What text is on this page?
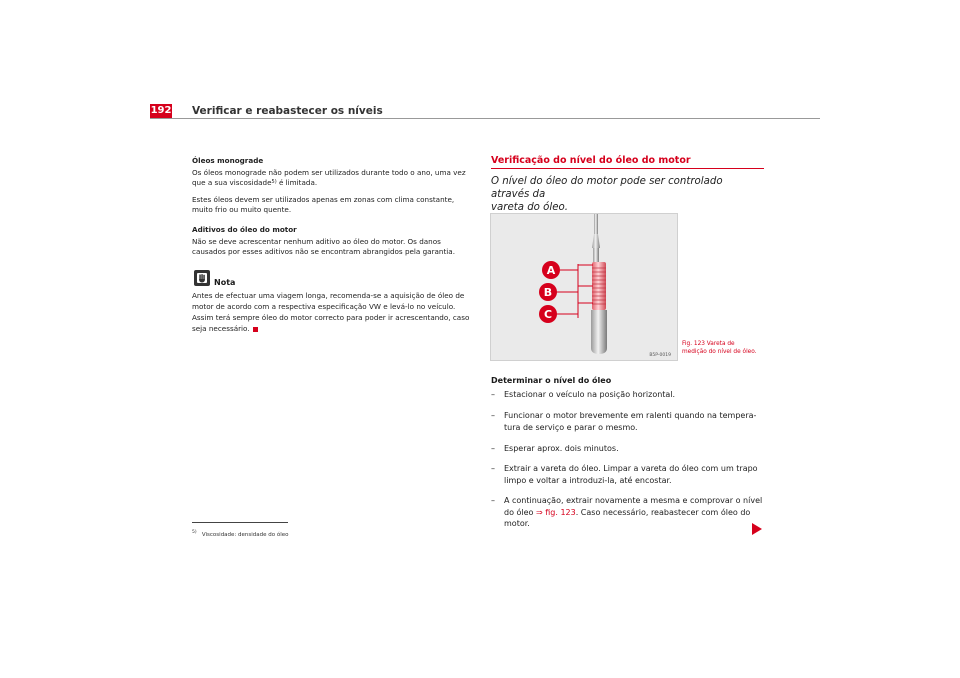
192 Verificar e reabastecer os níveis
Óleos monograde
Os óleos monograde não podem ser utilizados durante todo o ano, uma vez
que a sua viscosidade$^{5)}$ é limitada.
Estes óleos devem ser utilizados apenas em zonas com clima constante,
muito frio ou muito quente.
Aditivos do óleo do motor
Não se deve acrescentar nenhum aditivo ao óleo do motor. Os danos
causados por esses aditivos não se encontram abrangidos pela garantia.
Nota
Antes de efectuar uma viagem longa, recomenda-se a aquisição de óleo de
motor de acordo com a respectiva especificação VW e levá-lo no veículo.
Assim terá sempre óleo do motor correcto para poder ir acrescentando, caso
seja necessário.
$^{5)}$ Viscosidade: densidade do óleo
Verificação do nível do óleo do motor
O nível do óleo do motor pode ser controlado através da
vareta do óleo.
A
B
C
B5P-0019
Fig. 123 Vareta de
medição do nível de óleo.
Determinar o nível do óleo
–	Estacionar o veículo na posição horizontal.
–	Funcionar o motor brevemente em ralenti quando na tempera-
tura de serviço e parar o mesmo.
–	Esperar aprox. dois minutos.
–	Extrair a vareta do óleo. Limpar a vareta do óleo com um trapo
limpo e voltar a introduzi-la, até encostar.
–	A continuação, extrair novamente a mesma e comprovar o nível
do óleo ⇒ fig. 123. Caso necessário, reabastecer com óleo do
motor.
